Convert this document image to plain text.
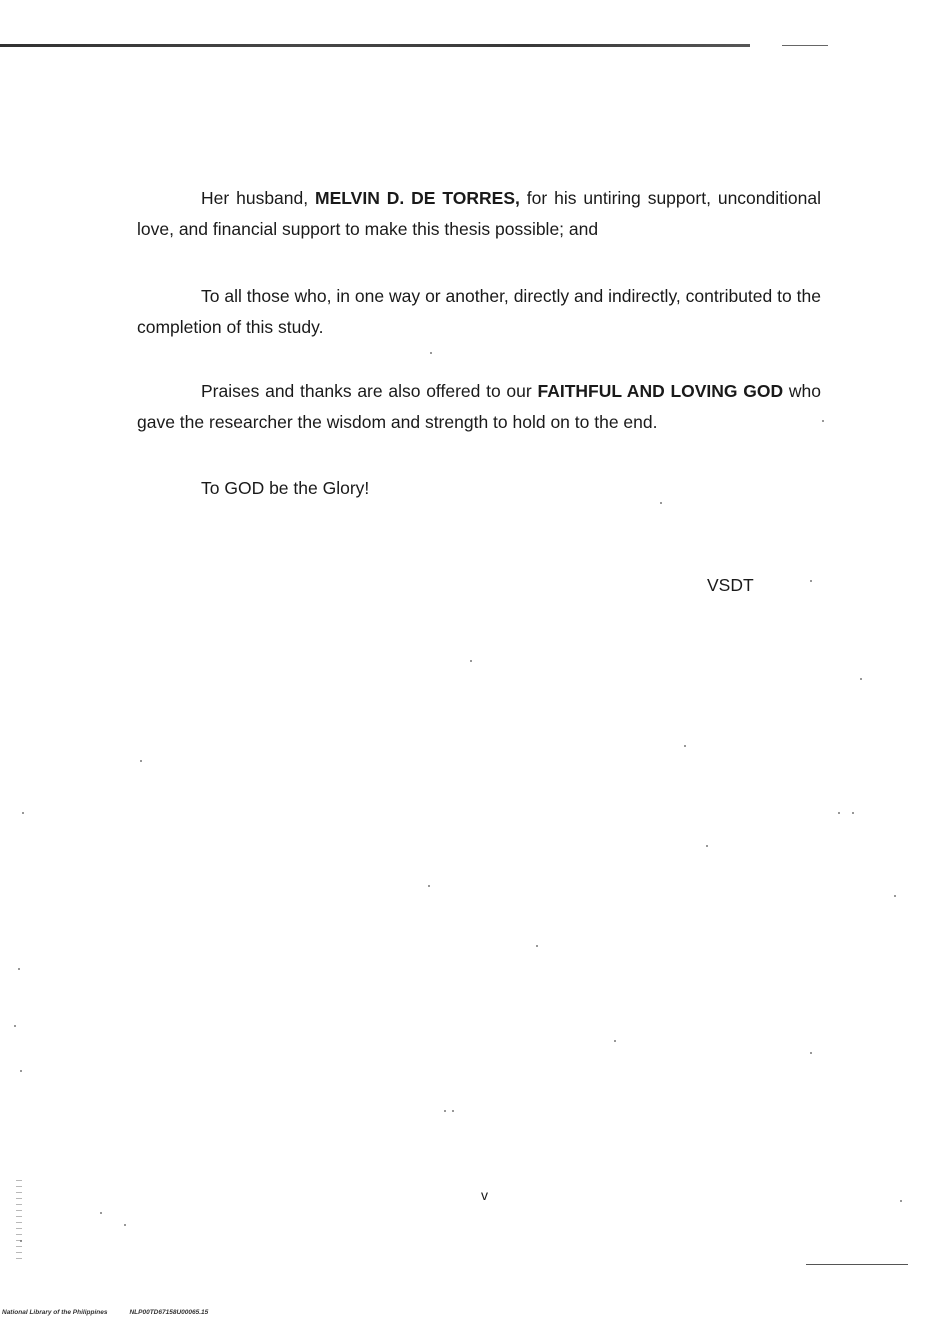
Her husband, MELVIN D. DE TORRES, for his untiring support, unconditional love, and financial support to make this thesis possible; and

To all those who, in one way or another, directly and indirectly, contributed to the completion of this study.

Praises and thanks are also offered to our FAITHFUL AND LOVING GOD who gave the researcher the wisdom and strength to hold on to the end.

To GOD be the Glory!

VSDT
v
National Library of the Philippines	NLP00TD67158U00065.15
